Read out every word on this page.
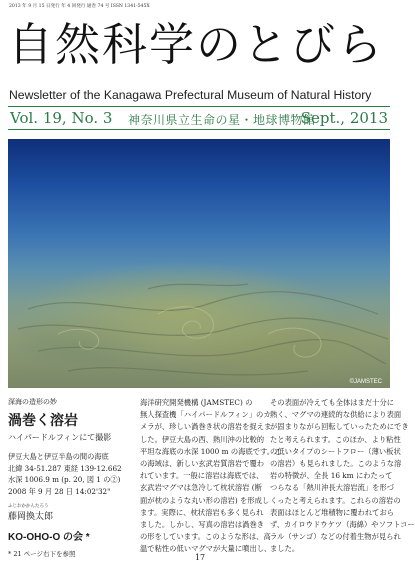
2013 年 9 月 15 日発行 年 4 回発行 通巻 74 号 ISSN 1341-545X
自然科学のとびら
Newsletter of the Kanagawa Prefectural Museum of Natural History
Vol. 19, No. 3 神奈川県立生命の星・地球博物館
Sept., 2013
©JAMSTEC
深海の造形の妙
渦巻く溶岩
ハイパードルフィンにて撮影
伊豆大島と伊豆半島の間の海底
北緯 34-51.287 東経 139-12.662
水深 1006.9 m (p. 20, 図 1 の②)
2008 年 9 月 28 日 14:02'32"
ふじおかかんたろう
藤岡換太郎
KO-OHO-O の会 *
* 21 ページ右下を参照
海洋研究開発機構 (JAMSTEC) の
無人探査機「ハイパードルフィン」のカ
メラが、珍しい渦巻き状の溶岩を捉えま
した。伊豆大島の西、熱川沖の比較的
平坦な海底の水深 1000 m の海底です。こ
の海域は、新しい玄武岩質溶岩で覆わ
れています。一般に溶岩は海底では、
玄武岩マグマは急冷して枕状溶岩 (断
面が枕のような丸い形の溶岩) を形成し
ます。実際に、枕状溶岩も多く見られ
ました。しかし、写真の溶岩は渦巻き
の形をしています。このような形は、高
温で粘性の低いマグマが大量に噴出し、
その表面が冷えても全体はまだ十分に
熱く、マグマの連続的な供給により表面
が固まりながら回転していったためにでき
たと考えられます。このほか、より粘性
の低いタイプのシートフロー（薄い板状
の溶岩）も見られました。このような溶
岩の特徴が、全長 16 km にわたって
つらなる「熱川沖長大溶岩流」を形づ
くったと考えられます。これらの溶岩の
表面はほとんど堆積物に覆われておら
ず、カイロウドウケツ（海綿）やソフトコー
ラル（サンゴ）などの付着生物が見られ
ました。
17
